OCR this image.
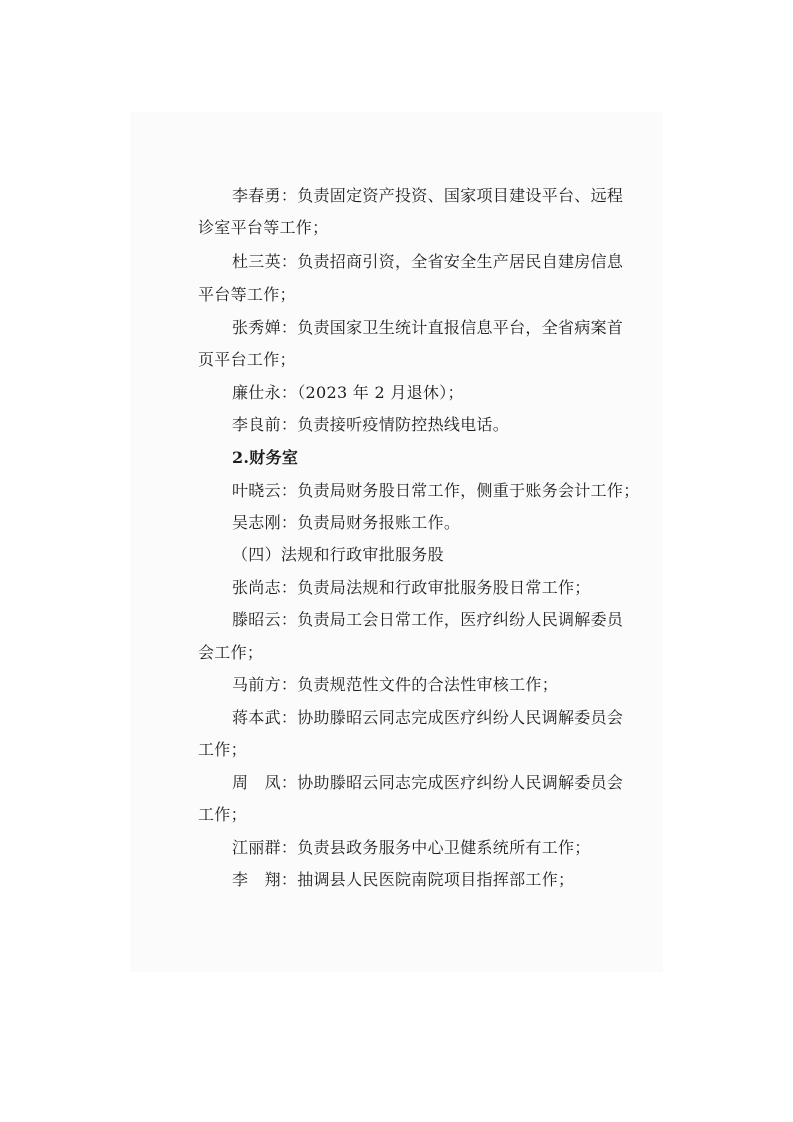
李春勇：负责固定资产投资、国家项目建设平台、远程
诊室平台等工作；
杜三英：负责招商引资，全省安全生产居民自建房信息
平台等工作；
张秀婵：负责国家卫生统计直报信息平台，全省病案首
页平台工作；
廉仕永：（2023 年 2 月退休）；
李良前：负责接听疫情防控热线电话。
2.财务室
叶晓云：负责局财务股日常工作，侧重于账务会计工作；
吴志刚：负责局财务报账工作。
（四）法规和行政审批服务股
张尚志：负责局法规和行政审批服务股日常工作；
滕昭云：负责局工会日常工作，医疗纠纷人民调解委员
会工作；
马前方：负责规范性文件的合法性审核工作；
蒋本武：协助滕昭云同志完成医疗纠纷人民调解委员会
工作；
周　凤：协助滕昭云同志完成医疗纠纷人民调解委员会
工作；
江丽群：负责县政务服务中心卫健系统所有工作；
李　翔：抽调县人民医院南院项目指挥部工作；
